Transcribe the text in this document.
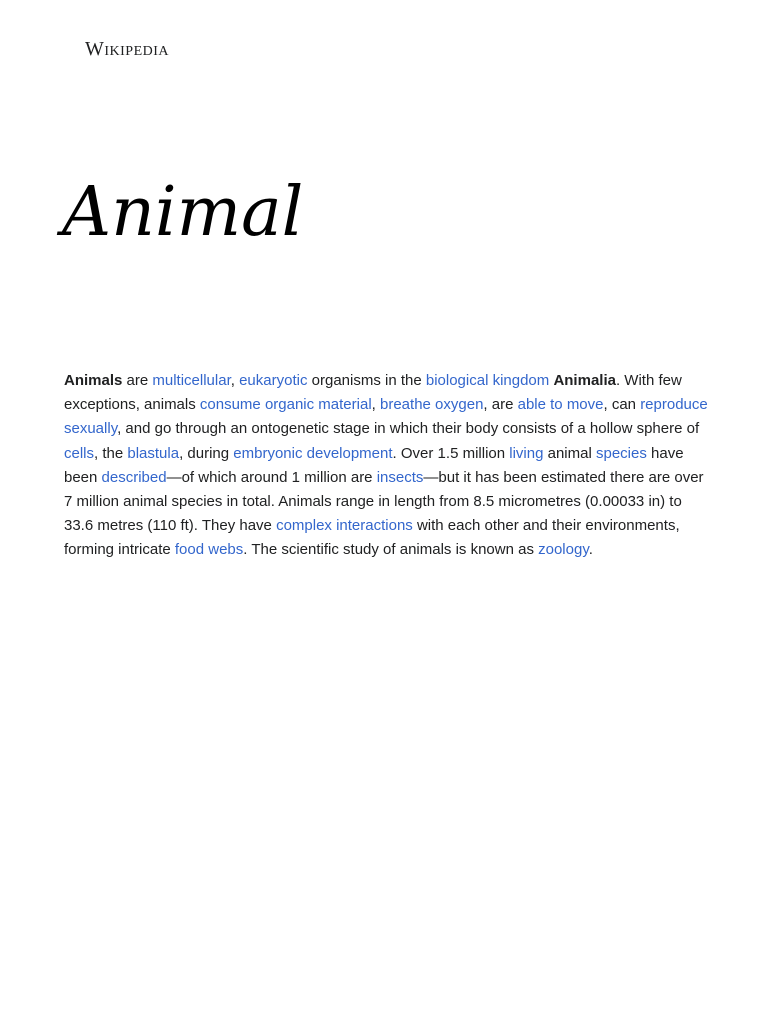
Wikipedia
Animal

Animals are multicellular, eukaryotic organisms in the biological kingdom Animalia. With few exceptions, animals consume organic material, breathe oxygen, are able to move, can reproduce sexually, and go through an ontogenetic stage in which their body consists of a hollow sphere of cells, the blastula, during embryonic development. Over 1.5 million living animal species have been described—of which around 1 million are insects—but it has been estimated there are over 7 million animal species in total. Animals range in length from 8.5 micrometres (0.00033 in) to 33.6 metres (110 ft). They have complex interactions with each other and their environments, forming intricate food webs. The scientific study of animals is known as zoology.
